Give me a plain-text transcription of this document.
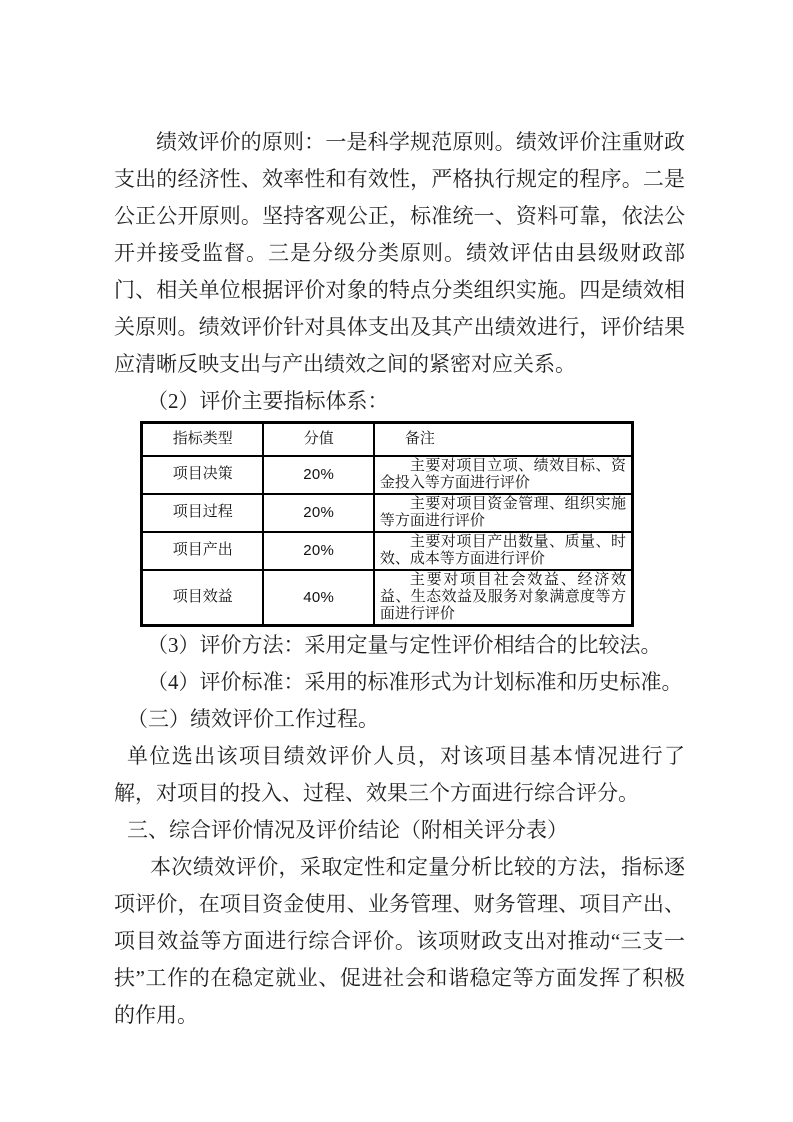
绩效评价的原则：一是科学规范原则。绩效评价注重财政支出的经济性、效率性和有效性，严格执行规定的程序。二是公正公开原则。坚持客观公正，标准统一、资料可靠，依法公开并接受监督。三是分级分类原则。绩效评估由县级财政部门、相关单位根据评价对象的特点分类组织实施。四是绩效相关原则。绩效评价针对具体支出及其产出绩效进行，评价结果应清晰反映支出与产出绩效之间的紧密对应关系。

（2）评价主要指标体系：

指标类型	分值	备注
项目决策	20%	主要对项目立项、绩效目标、资金投入等方面进行评价
项目过程	20%	主要对项目资金管理、组织实施等方面进行评价
项目产出	20%	主要对项目产出数量、质量、时效、成本等方面进行评价
项目效益	40%	主要对项目社会效益、经济效益、生态效益及服务对象满意度等方面进行评价

（3）评价方法：采用定量与定性评价相结合的比较法。

（4）评价标准：采用的标准形式为计划标准和历史标准。

（三）绩效评价工作过程。

单位选出该项目绩效评价人员，对该项目基本情况进行了解，对项目的投入、过程、效果三个方面进行综合评分。

三、综合评价情况及评价结论（附相关评分表）

本次绩效评价，采取定性和定量分析比较的方法，指标逐项评价，在项目资金使用、业务管理、财务管理、项目产出、项目效益等方面进行综合评价。该项财政支出对推动“三支一扶”工作的在稳定就业、促进社会和谐稳定等方面发挥了积极的作用。
